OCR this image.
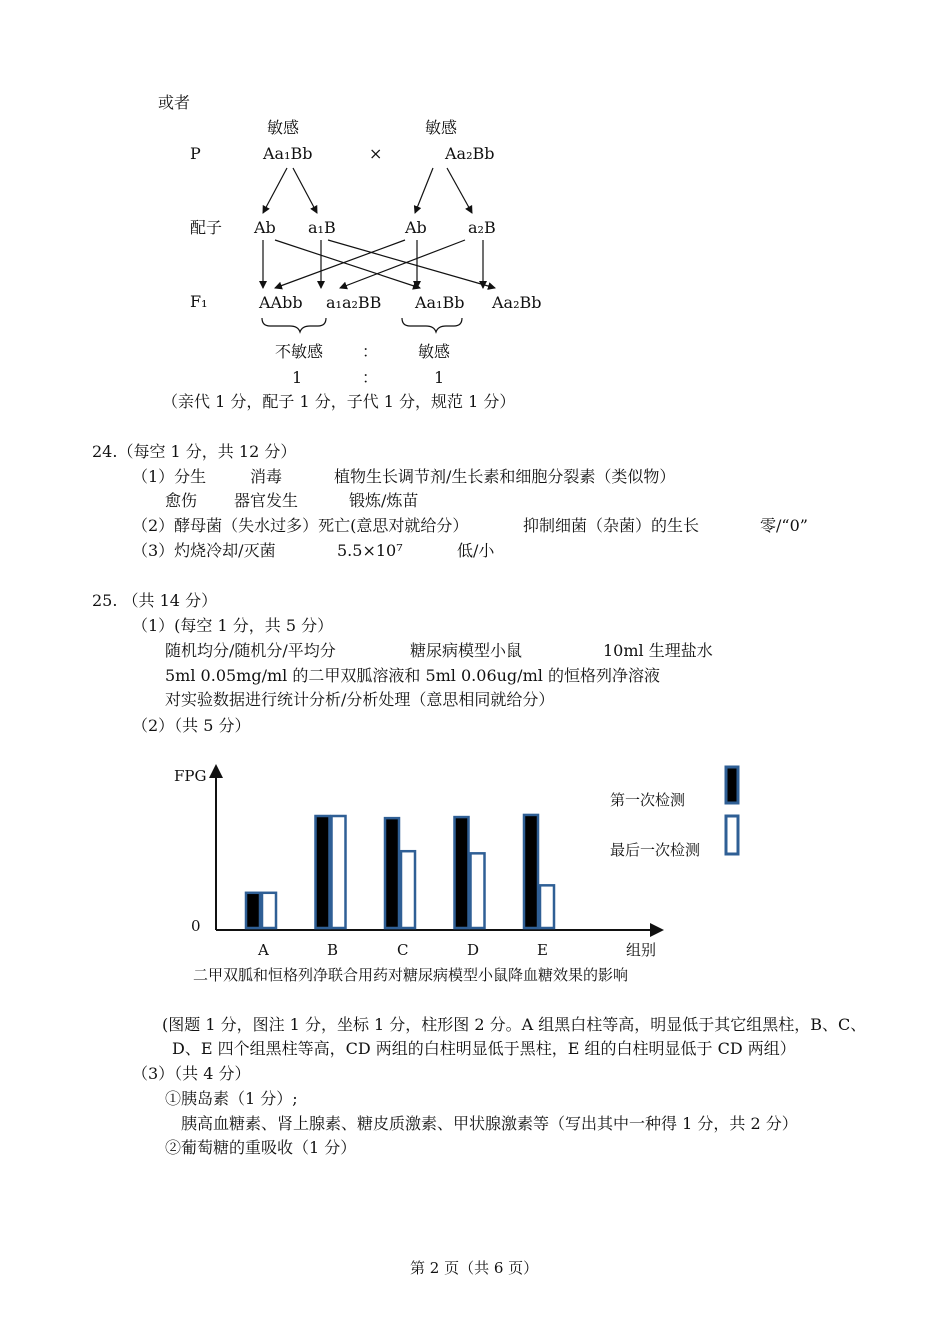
或者
敏感	敏感
P	Aa₁Bb	×	Aa₂Bb
配子 Ab a₁B	Ab	a₂B
F₁	AAbb a₁a₂BB Aa₁Bb Aa₂Bb
不敏感 ： 敏感
1	：	1
（亲代 1 分，配子 1 分，子代 1 分，规范 1 分）
24.（每空 1 分，共 12 分）
（1）分生	消毒	植物生长调节剂/生长素和细胞分裂素（类似物）
愈伤 器官发生	锻炼/炼苗
（2）酵母菌（失水过多）死亡(意思对就给分）	抑制细菌（杂菌）的生长	零/“0”
（3）灼烧冷却/灭菌	5.5×10⁷	低/小
25. （共 14 分）
（1）(每空 1 分，共 5 分）
随机均分/随机分/平均分	糖尿病模型小鼠	10ml 生理盐水
5ml 0.05mg/ml 的二甲双胍溶液和 5ml 0.06ug/ml 的恒格列净溶液
对实验数据进行统计分析/分析处理（意思相同就给分）
（2）（共 5 分）
FPG
0
组别
A	B	C	D	E
第一次检测
最后一次检测
二甲双胍和恒格列净联合用药对糖尿病模型小鼠降血糖效果的影响
(图题 1 分，图注 1 分，坐标 1 分，柱形图 2 分。A 组黑白柱等高，明显低于其它组黑柱，B、C、
D、E 四个组黑柱等高，CD 两组的白柱明显低于黑柱，E 组的白柱明显低于 CD 两组）
（3）（共 4 分）
①胰岛素（1 分）;
胰高血糖素、肾上腺素、糖皮质激素、甲状腺激素等（写出其中一种得 1 分，共 2 分）
②葡萄糖的重吸收（1 分）
第 2 页（共 6 页）
